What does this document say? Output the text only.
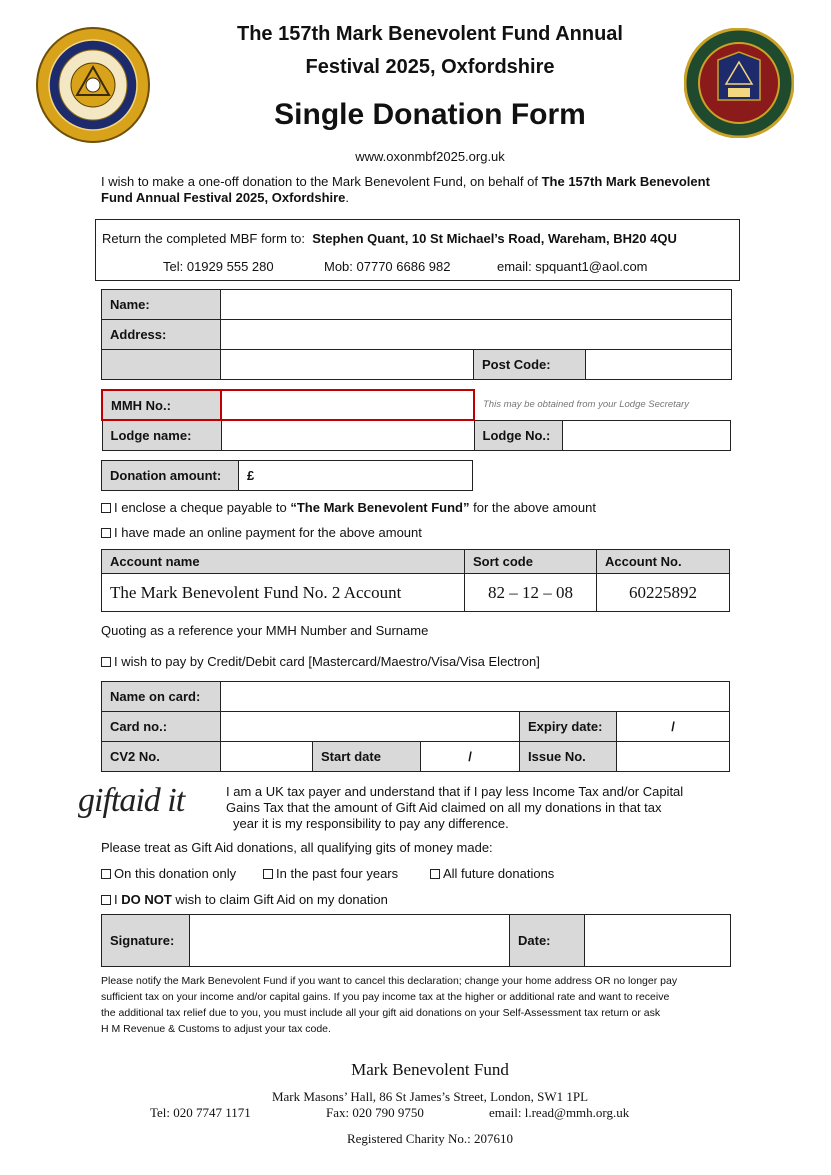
The 157th Mark Benevolent Fund Annual
Festival 2025, Oxfordshire
Single Donation Form
www.oxonmbf2025.org.uk
I wish to make a one-off donation to the Mark Benevolent Fund, on behalf of The 157th Mark Benevolent Fund Annual Festival 2025, Oxfordshire.
Return the completed MBF form to: Stephen Quant, 10 St Michael’s Road, Wareham, BH20 4QU
Tel: 01929 555 280	Mob: 07770 6686 982	email: spquant1@aol.com
Name:			
Address:			
		Post Code:	
MMH No.:		This may be obtained from your Lodge Secretary	
Lodge name:		Lodge No.:	
Donation amount:	£
I enclose a cheque payable to “The Mark Benevolent Fund” for the above amount
I have made an online payment for the above amount
Account name	Sort code	Account No.
The Mark Benevolent Fund No. 2 Account	82 – 12 – 08	60225892
Quoting as a reference your MMH Number and Surname
I wish to pay by Credit/Debit card [Mastercard/Maestro/Visa/Visa Electron]
Name on card:					
Card no.:				Expiry date:	/
CV2 No.		Start date	/	Issue No.	
giftaid it	I am a UK tax payer and understand that if I pay less Income Tax and/or Capital
Gains Tax that the amount of Gift Aid claimed on all my donations in that tax
year it is my responsibility to pay any difference.
Please treat as Gift Aid donations, all qualifying gits of money made:
On this donation only	In the past four years	All future donations
I DO NOT wish to claim Gift Aid on my donation
Signature:		Date:	
Please notify the Mark Benevolent Fund if you want to cancel this declaration; change your home address OR no longer pay
sufficient tax on your income and/or capital gains. If you pay income tax at the higher or additional rate and want to receive
the additional tax relief due to you, you must include all your gift aid donations on your Self-Assessment tax return or ask
H M Revenue & Customs to adjust your tax code.
Mark Benevolent Fund
Mark Masons’ Hall, 86 St James’s Street, London, SW1 1PL
Tel: 020 7747 1171	Fax: 020 790 9750	email: l.read@mmh.org.uk
Registered Charity No.: 207610
